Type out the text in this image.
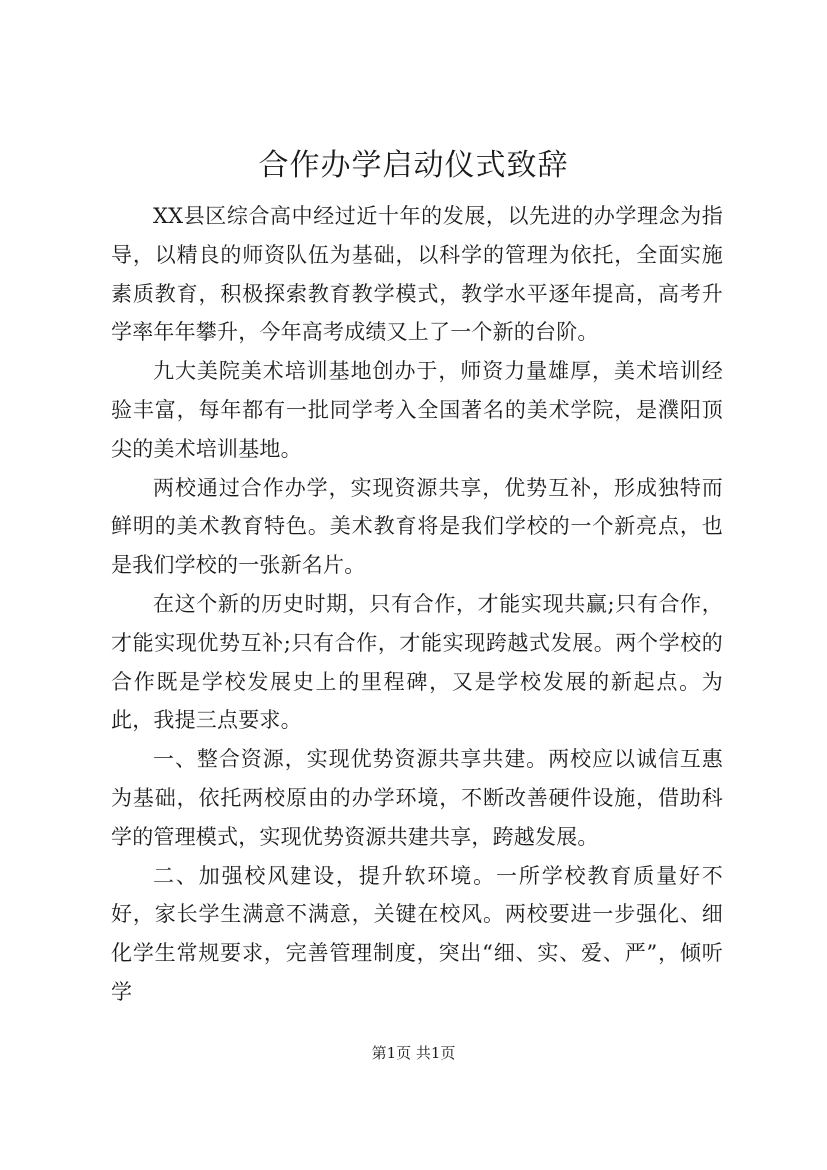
合作办学启动仪式致辞

XX县区综合高中经过近十年的发展，以先进的办学理念为指导，以精良的师资队伍为基础，以科学的管理为依托，全面实施素质教育，积极探索教育教学模式，教学水平逐年提高，高考升学率年年攀升，今年高考成绩又上了一个新的台阶。

九大美院美术培训基地创办于，师资力量雄厚，美术培训经验丰富，每年都有一批同学考入全国著名的美术学院，是濮阳顶尖的美术培训基地。

两校通过合作办学，实现资源共享，优势互补，形成独特而鲜明的美术教育特色。美术教育将是我们学校的一个新亮点，也是我们学校的一张新名片。

在这个新的历史时期，只有合作，才能实现共赢;只有合作，才能实现优势互补;只有合作，才能实现跨越式发展。两个学校的合作既是学校发展史上的里程碑，又是学校发展的新起点。为此，我提三点要求。

一、整合资源，实现优势资源共享共建。两校应以诚信互惠为基础，依托两校原由的办学环境，不断改善硬件设施，借助科学的管理模式，实现优势资源共建共享，跨越发展。

二、加强校风建设，提升软环境。一所学校教育质量好不好，家长学生满意不满意，关键在校风。两校要进一步强化、细化学生常规要求，完善管理制度，突出“细、实、爱、严”，倾听学

第1页 共1页
